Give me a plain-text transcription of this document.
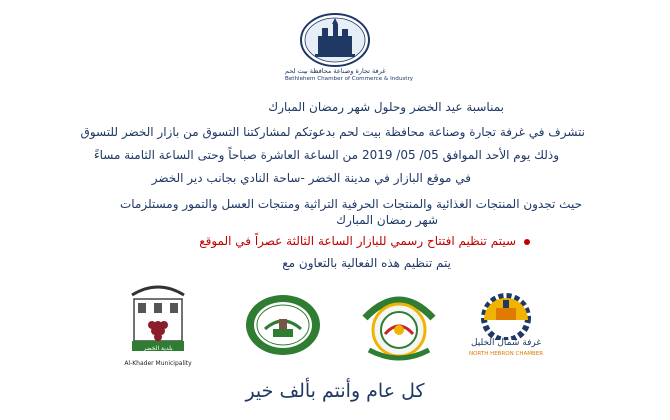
غرفة تجارة وصناعة محافظة بيت لحم
Bethlehem Chamber of Commerce & Industry
بمناسبة عيد الخضر وحلول شهر رمضان المبارك
نتشرف في غرفة تجارة وصناعة محافظة بيت لحم بدعوتكم لمشاركتنا التسوق من بازار الخضر للتسوق
وذلك يوم الأحد الموافق 05/ 05/ 2019 من الساعة العاشرة صباحاً وحتى الساعة الثامنة مساءً
في موقع البازار في مدينة الخضر -ساحة النادي بجانب دير الخضر
حيث تجدون المنتجات الغذائية والمنتجات الحرفية التراثية ومنتجات العسل والتمور ومستلزمات
شهر رمضان المبارك
سيتم تنظيم افتتاح رسمي للبازار الساعة الثالثة عصراً في الموقع
يتم تنظيم هذه الفعالية بالتعاون مع
بلدية الخضر
Al-Khader Municipality
غرفة شمال الخليل
NORTH HEBRON CHAMBER
كل عام وأنتم بألف خير
